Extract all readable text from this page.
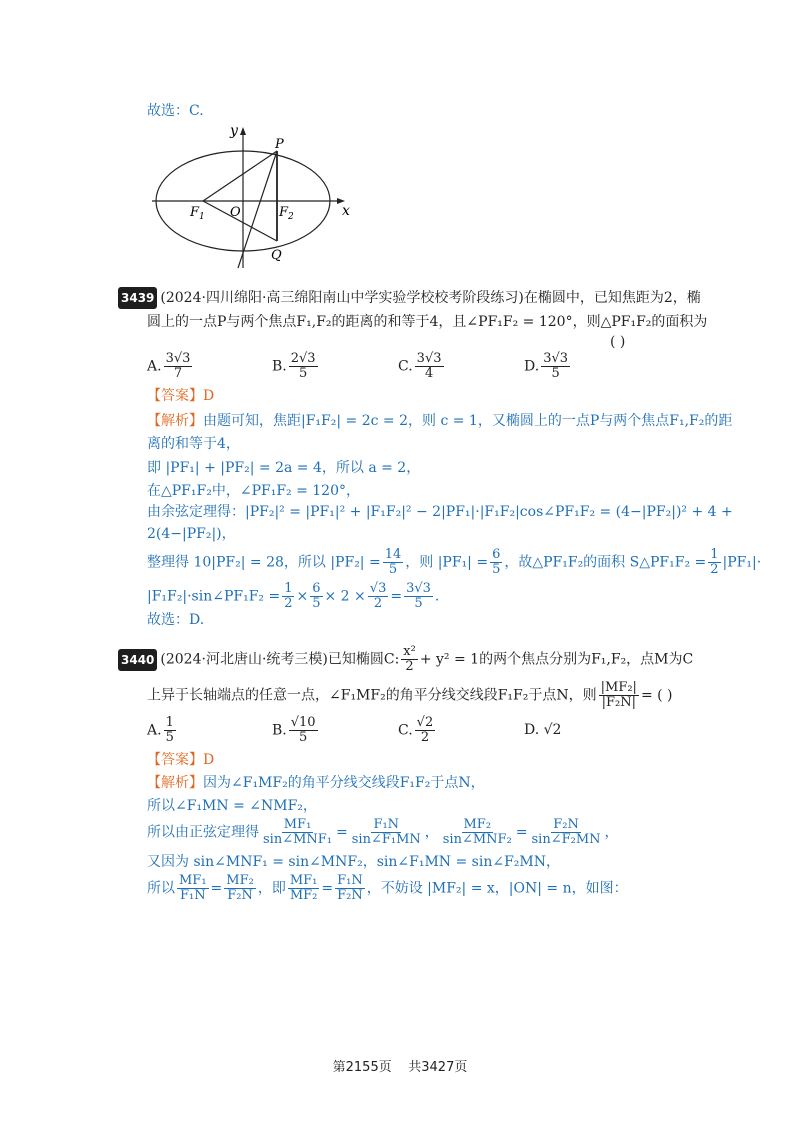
故选：C.
y
x
O
P
Q
$F_1$	$F_2$
3439 (2024·四川绵阳·高三绵阳南山中学实验学校校考阶段练习)在椭圆中，已知焦距为2，椭
圆上的一点P与两个焦点F₁,F₂的距离的和等于4，且∠PF₁F₂ = 120°，则△PF₁F₂的面积为
( )
A. $\frac{3√3}{7}$	B. $\frac{2√3}{5}$	C. $\frac{3√3}{4}$	D. $\frac{3√3}{5}$
【答案】D
【解析】由题可知，焦距|F₁F₂| = 2c = 2，则 c = 1，又椭圆上的一点P与两个焦点F₁,F₂的距
离的和等于4，
即 |PF₁| + |PF₂| = 2a = 4，所以 a = 2，
在△PF₁F₂中，∠PF₁F₂ = 120°，
由余弦定理得：|PF₂|² = |PF₁|² + |F₁F₂|² − 2|PF₁|·|F₁F₂|cos∠PF₁F₂ = (4−|PF₂|)² + 4 +
2(4−|PF₂|)，
整理得 10|PF₂| = 28，所以 $|PF_2| = \frac{14}{5}$ ，则 $|PF_1| = \frac{6}{5}$ ，故△PF₁F₂的面积 S△PF₁F₂ = $\frac{1}{2} |PF_1|\cdot$
|F₁F₂|·sin∠PF₁F₂ = $\frac{1}{2} \times \frac{6}{5} \times 2 \times \frac{√3}{2} = \frac{3√3}{5}$ .
故选：D.
3440 (2024·河北唐山·统考三模)已知椭圆C: $\frac{\text{x²}}{2} + y^2 = 1$的两个焦点分别为F₁,F₂，点M为C
上异于长轴端点的任意一点，∠F₁MF₂的角平分线交线段F₁F₂于点N，则 $\frac{\text{|MF₂|}}{\text{|F₂N|}}$ = ( )
A. $\frac{1}{5}$	B. $\frac{√10}{5}$	C. $\frac{√2}{2}$	D. √2
【答案】D
【解析】因为∠F₁MF₂的角平分线交线段F₁F₂于点N，
所以∠F₁MN = ∠NMF₂，
所以由正弦定理得 $\frac{\text{MF₁}}{\text{sin∠MNF₁}} = \frac{\text{F₁N}}{\text{sin∠F₁MN}}$ ， $\frac{\text{MF₂}}{\text{sin∠MNF₂}} = \frac{\text{F₂N}}{\text{sin∠F₂MN}}$ ，
又因为 sin∠MNF₁ = sin∠MNF₂，sin∠F₁MN = sin∠F₂MN，
所以 $\frac{\text{MF₁}}{\text{F₁N}} = \frac{\text{MF₂}}{\text{F₂N}}$ ，即 $\frac{\text{MF₁}}{\text{MF₂}} = \frac{\text{F₁N}}{\text{F₂N}}$ ，不妨设 |MF₂| = x，|ON| = n，如图：
第2155页 共3427页
